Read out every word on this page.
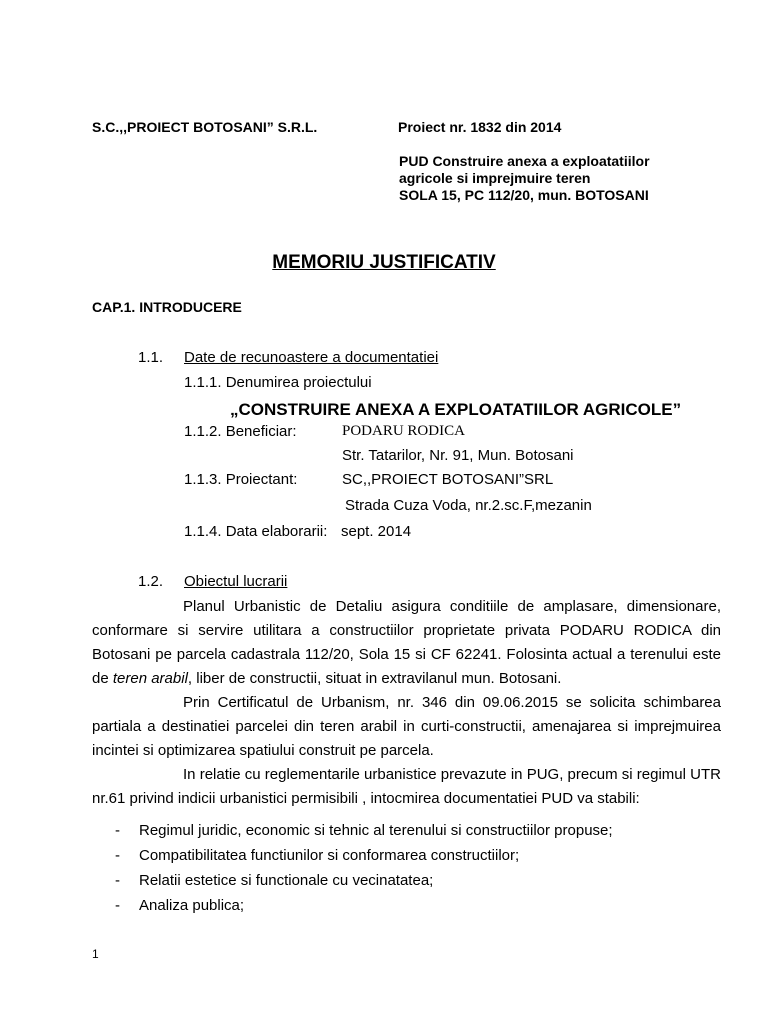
S.C.,,PROIECT BOTOSANI” S.R.L.	Proiect nr. 1832 din 2014
PUD Construire anexa a exploatatiilor
agricole si imprejmuire teren
SOLA 15, PC 112/20, mun. BOTOSANI
MEMORIU JUSTIFICATIV
CAP.1. INTRODUCERE
1.1. Date de recunoastere a documentatiei
1.1.1. Denumirea proiectului
„CONSTRUIRE ANEXA A EXPLOATATIILOR AGRICOLE”
1.1.2. Beneficiar:	PODARU RODICA
Str. Tatarilor, Nr. 91, Mun. Botosani
1.1.3. Proiectant:	SC,,PROIECT BOTOSANI”SRL
Strada Cuza Voda, nr.2.sc.F,mezanin
1.1.4. Data elaborarii: sept. 2014
1.2. Obiectul lucrarii

Planul Urbanistic de Detaliu asigura conditiile de amplasare, dimensionare, conformare si servire utilitara a constructiilor proprietate privata PODARU RODICA din Botosani pe parcela cadastrala 112/20, Sola 15 si CF 62241. Folosinta actual a terenului este de teren arabil, liber de constructii, situat in extravilanul mun. Botosani.

Prin Certificatul de Urbanism, nr. 346 din 09.06.2015 se solicita schimbarea partiala a destinatiei parcelei din teren arabil in curti-constructii, amenajarea si imprejmuirea incintei si optimizarea spatiului construit pe parcela.

In relatie cu reglementarile urbanistice prevazute in PUG, precum si regimul UTR nr.61 privind indicii urbanistici permisibili , intocmirea documentatiei PUD va stabili:

- Regimul juridic, economic si tehnic al terenului si constructiilor propuse;
- Compatibilitatea functiunilor si conformarea constructiilor;
- Relatii estetice si functionale cu vecinatatea;
- Analiza publica;
1
